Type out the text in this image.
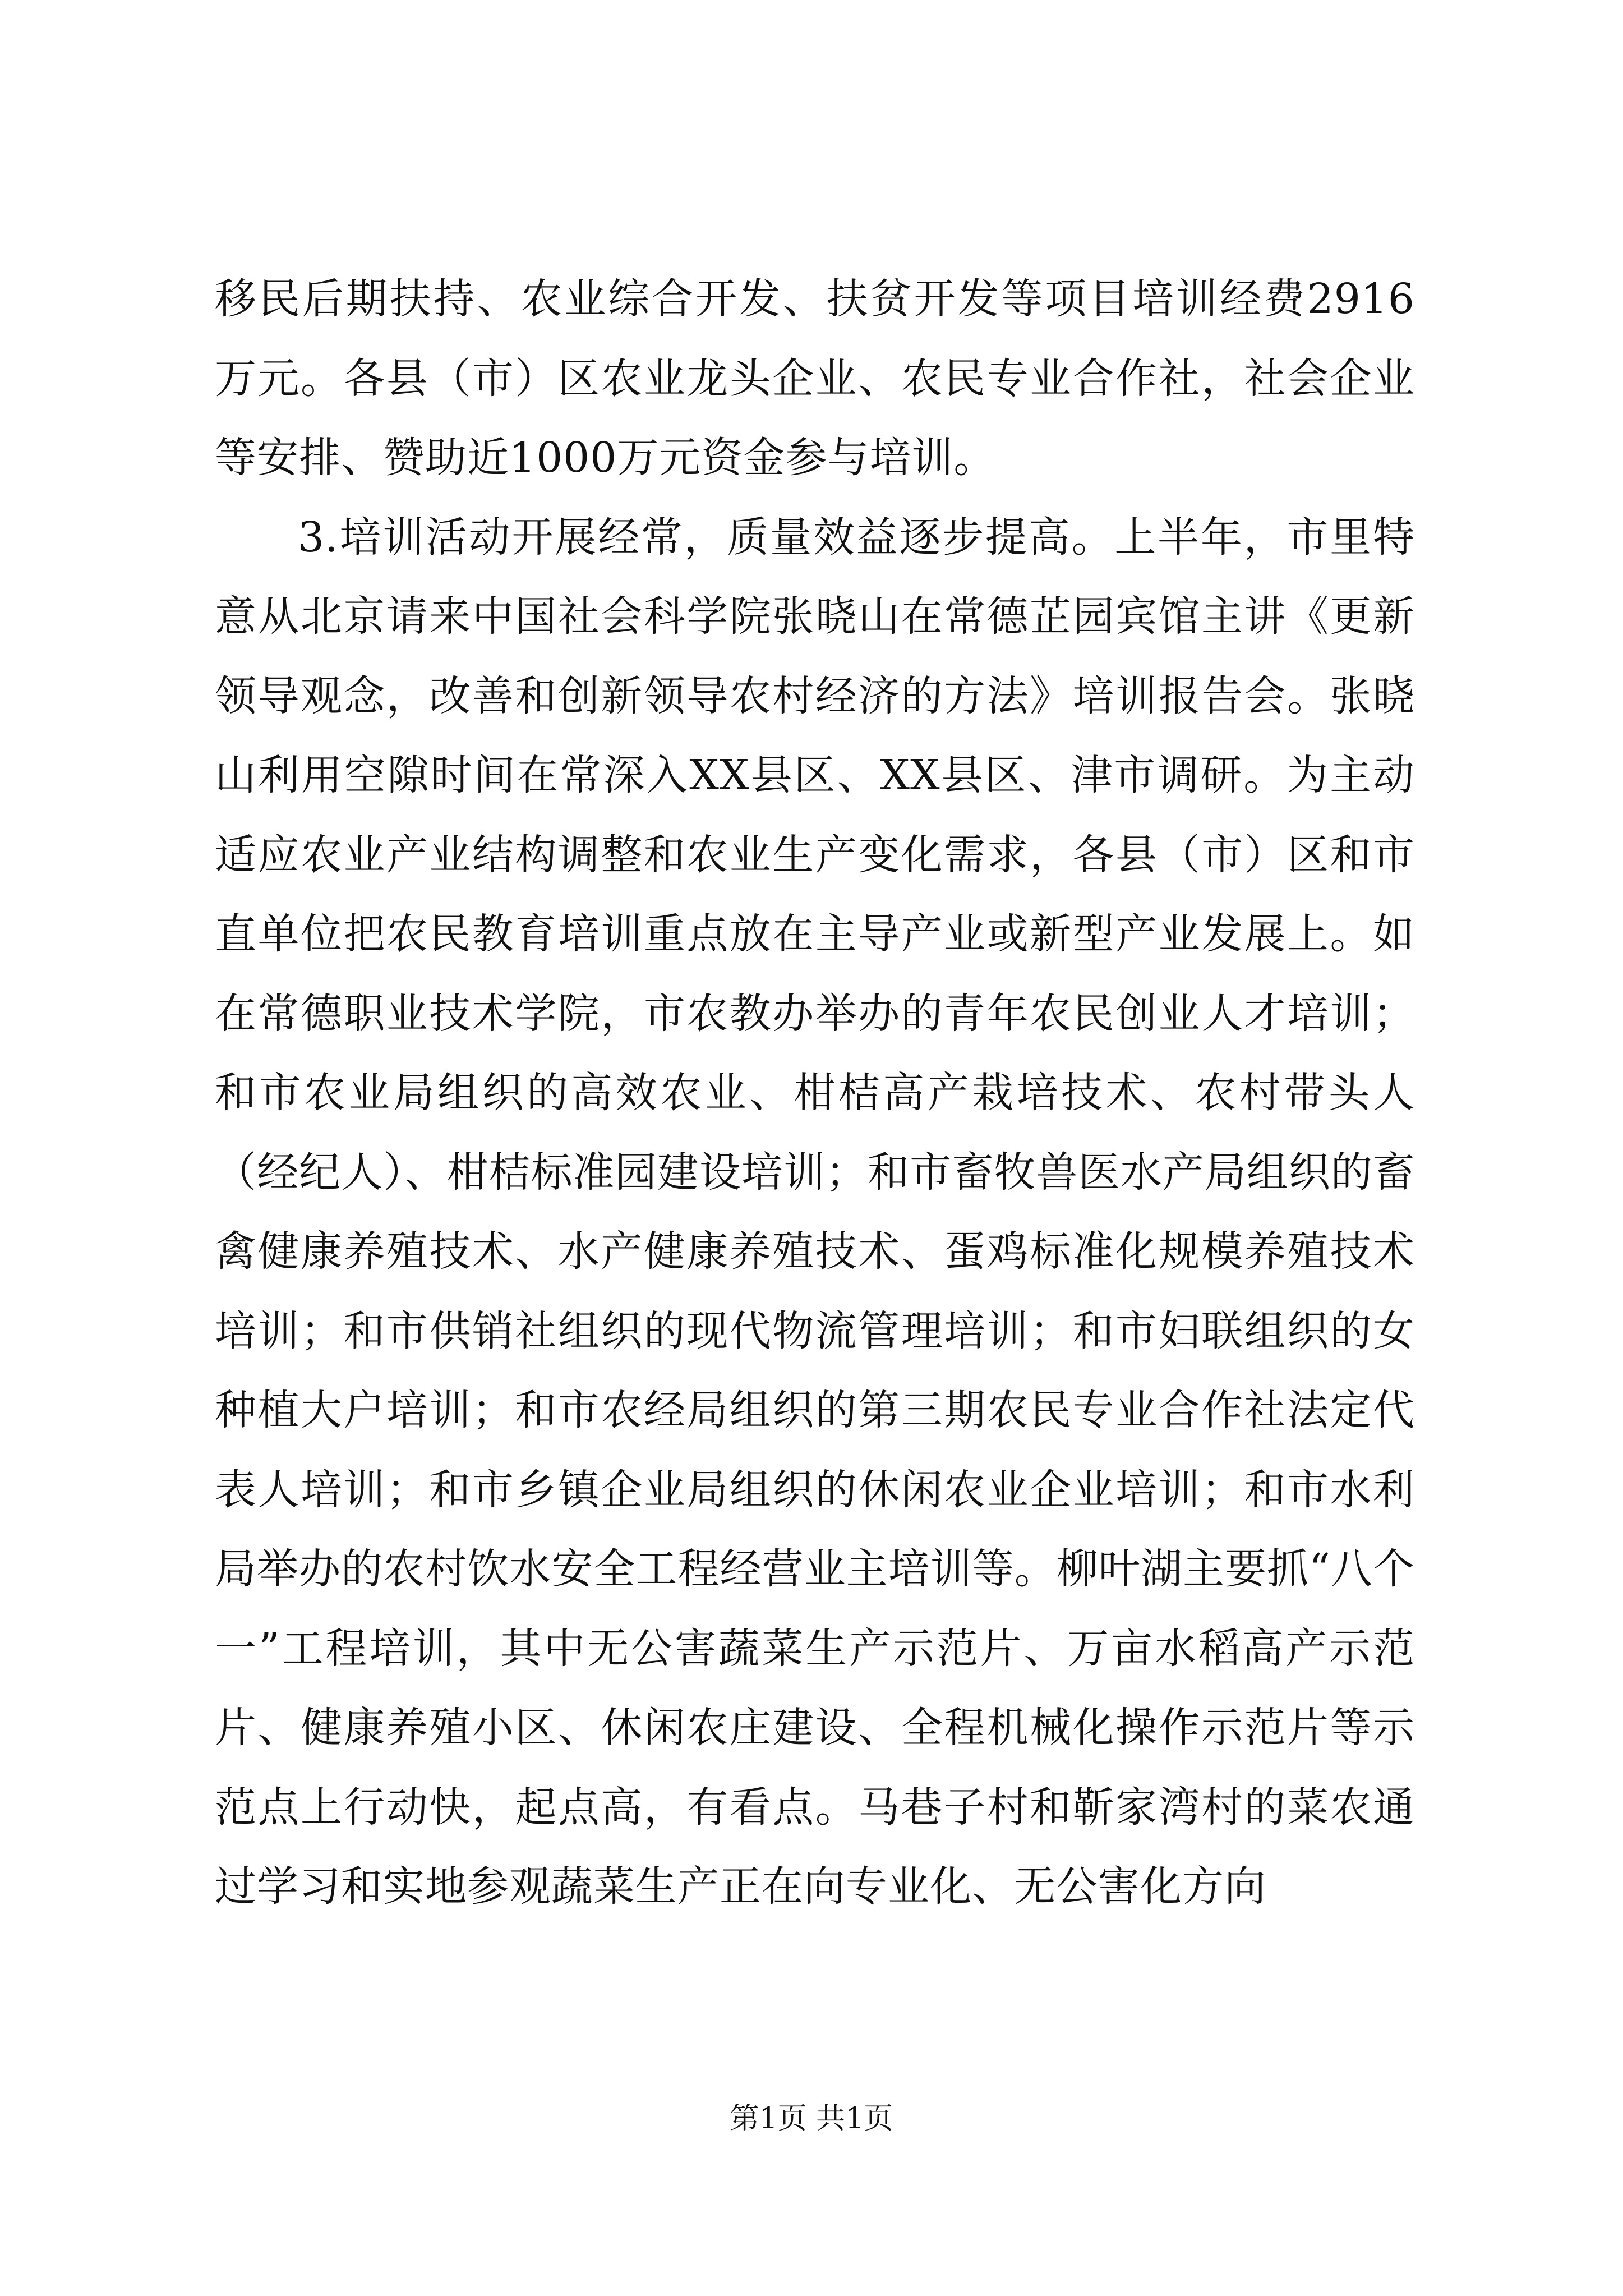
移民后期扶持、农业综合开发、扶贫开发等项目培训经费2916万元。各县（市）区农业龙头企业、农民专业合作社，社会企业等安排、赞助近1000万元资金参与培训。

3.培训活动开展经常，质量效益逐步提高。上半年，市里特意从北京请来中国社会科学院张晓山在常德芷园宾馆主讲《更新领导观念，改善和创新领导农村经济的方法》培训报告会。张晓山利用空隙时间在常深入XX县区、XX县区、津市调研。为主动适应农业产业结构调整和农业生产变化需求，各县（市）区和市直单位把农民教育培训重点放在主导产业或新型产业发展上。如在常德职业技术学院，市农教办举办的青年农民创业人才培训；和市农业局组织的高效农业、柑桔高产栽培技术、农村带头人（经纪人）、柑桔标准园建设培训；和市畜牧兽医水产局组织的畜禽健康养殖技术、水产健康养殖技术、蛋鸡标准化规模养殖技术培训；和市供销社组织的现代物流管理培训；和市妇联组织的女种植大户培训；和市农经局组织的第三期农民专业合作社法定代表人培训；和市乡镇企业局组织的休闲农业企业培训；和市水利局举办的农村饮水安全工程经营业主培训等。柳叶湖主要抓“八个一”工程培训，其中无公害蔬菜生产示范片、万亩水稻高产示范片、健康养殖小区、休闲农庄建设、全程机械化操作示范片等示范点上行动快，起点高，有看点。马巷子村和靳家湾村的菜农通过学习和实地参观蔬菜生产正在向专业化、无公害化方向

第1页 共1页
